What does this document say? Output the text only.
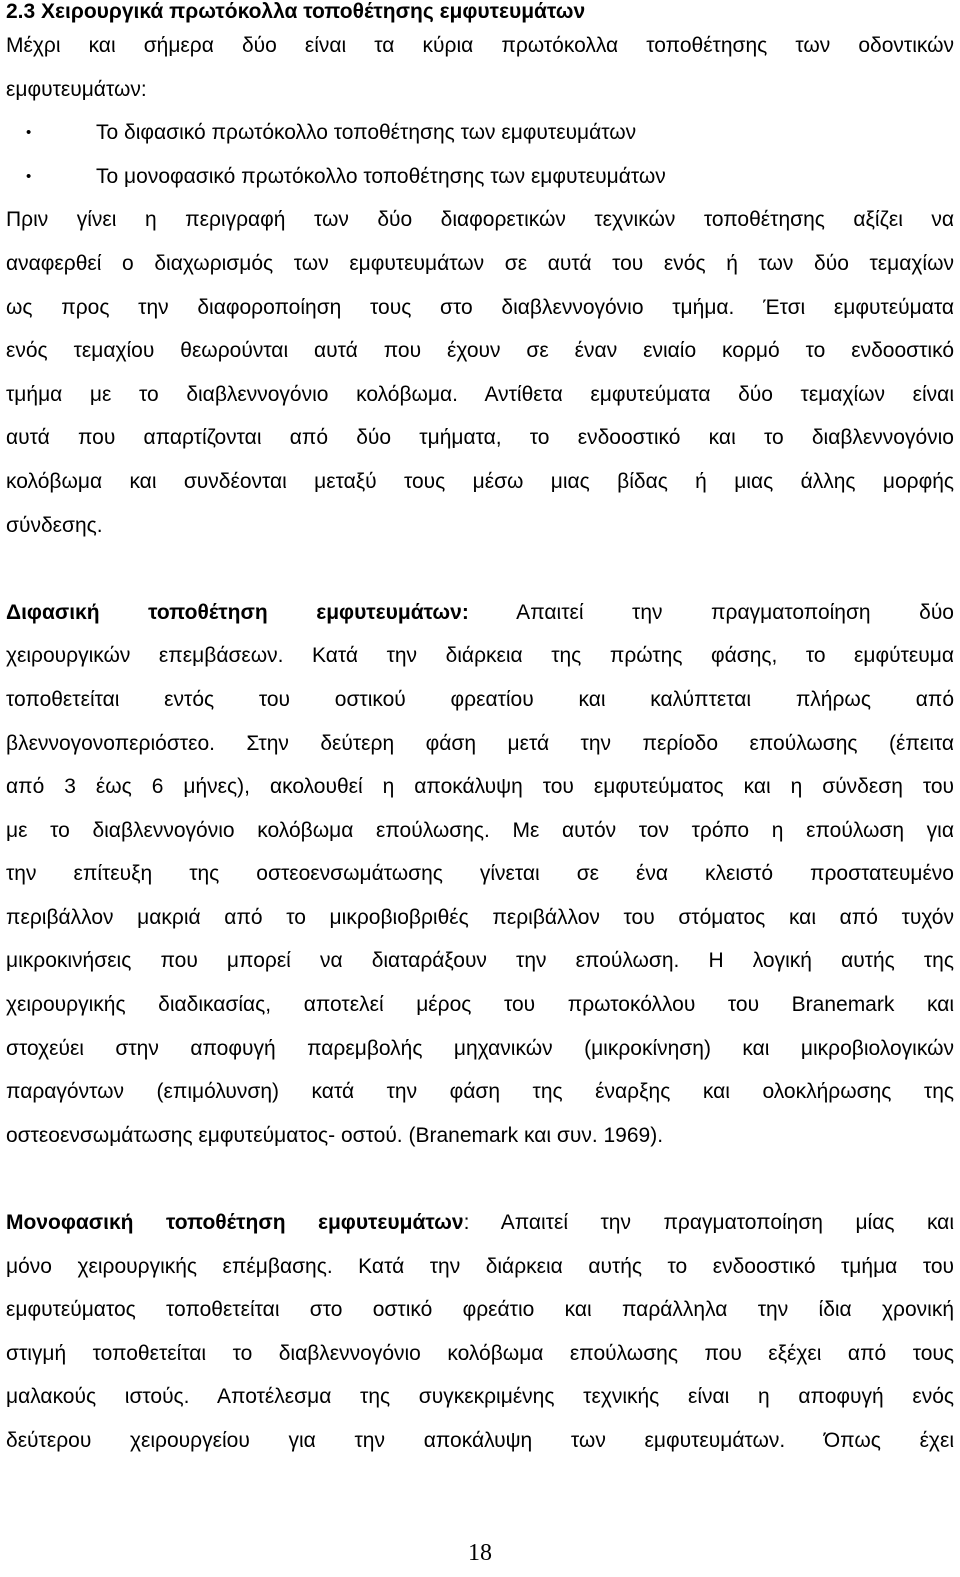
2.3 Χειρουργικά πρωτόκολλα τοποθέτησης εμφυτευμάτων
Μέχρι και σήμερα δύο είναι τα κύρια πρωτόκολλα τοποθέτησης των οδοντικών
εμφυτευμάτων:
•	Το διφασικό πρωτόκολλο τοποθέτησης των εμφυτευμάτων
•	Το μονοφασικό πρωτόκολλο τοποθέτησης των εμφυτευμάτων
Πριν γίνει η περιγραφή των δύο διαφορετικών τεχνικών τοποθέτησης αξίζει να
αναφερθεί ο διαχωρισμός των εμφυτευμάτων σε αυτά του ενός ή των δύο τεμαχίων
ως προς την διαφοροποίηση τους στο διαβλεννογόνιο τμήμα. Έτσι εμφυτεύματα
ενός τεμαχίου θεωρούνται αυτά που έχουν σε έναν ενιαίο κορμό το ενδοοστικό
τμήμα με το διαβλεννογόνιο κολόβωμα. Αντίθετα εμφυτεύματα δύο τεμαχίων είναι
αυτά που απαρτίζονται από δύο τμήματα, το ενδοοστικό και το διαβλεννογόνιο
κολόβωμα και συνδέονται μεταξύ τους μέσω μιας βίδας ή μιας άλλης μορφής
σύνδεσης.
Διφασική τοποθέτηση εμφυτευμάτων: Απαιτεί την πραγματοποίηση δύο
χειρουργικών επεμβάσεων. Κατά την διάρκεια της πρώτης φάσης, το εμφύτευμα
τοποθετείται εντός του οστικού φρεατίου και καλύπτεται πλήρως από
βλεννογονοπεριόστεο. Στην δεύτερη φάση μετά την περίοδο επούλωσης (έπειτα
από 3 έως 6 μήνες), ακολουθεί η αποκάλυψη του εμφυτεύματος και η σύνδεση του
με το διαβλεννογόνιο κολόβωμα επούλωσης. Με αυτόν τον τρόπο η επούλωση για
την επίτευξη της οστεοενσωμάτωσης γίνεται σε ένα κλειστό προστατευμένο
περιβάλλον μακριά από το μικροβιοβριθές περιβάλλον του στόματος και από τυχόν
μικροκινήσεις που μπορεί να διαταράξουν την επούλωση. Η λογική αυτής της
χειρουργικής διαδικασίας, αποτελεί μέρος του πρωτοκόλλου του Branemark και
στοχεύει στην αποφυγή παρεμβολής μηχανικών (μικροκίνηση) και μικροβιολογικών
παραγόντων (επιμόλυνση) κατά την φάση της έναρξης και ολοκλήρωσης της
οστεοενσωμάτωσης εμφυτεύματος- οστού. (Branemark και συν. 1969).
Μονοφασική τοποθέτηση εμφυτευμάτων: Απαιτεί την πραγματοποίηση μίας και
μόνο χειρουργικής επέμβασης. Κατά την διάρκεια αυτής το ενδοοστικό τμήμα του
εμφυτεύματος τοποθετείται στο οστικό φρεάτιο και παράλληλα την ίδια χρονική
στιγμή τοποθετείται το διαβλεννογόνιο κολόβωμα επούλωσης που εξέχει από τους
μαλακούς ιστούς. Αποτέλεσμα της συγκεκριμένης τεχνικής είναι η αποφυγή ενός
δεύτερου χειρουργείου για την αποκάλυψη των εμφυτευμάτων. Όπως έχει
18
